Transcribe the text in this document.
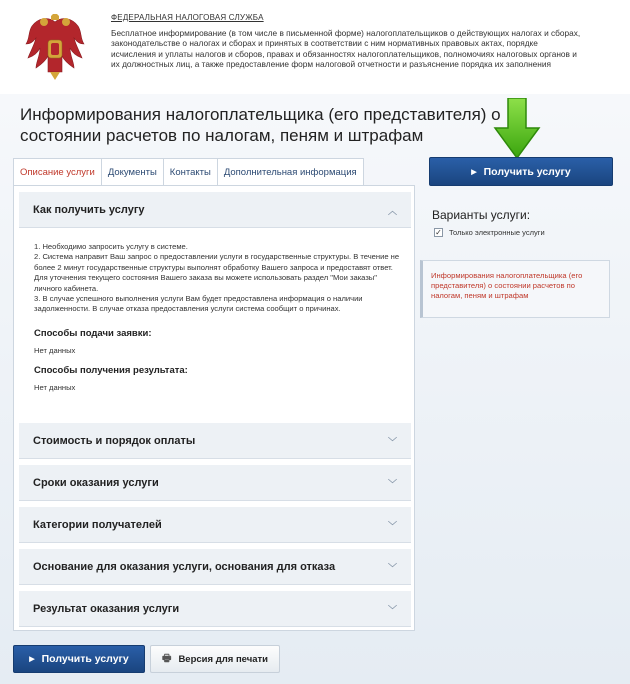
ФЕДЕРАЛЬНАЯ НАЛОГОВАЯ СЛУЖБА
Бесплатное информирование (в том числе в письменной форме) налогоплательщиков о действующих налогах и сборах, законодательстве о налогах и сборах и принятых в соответствии с ним нормативных правовых актах, порядке исчисления и уплаты налогов и сборов, правах и обязанностях налогоплательщиков, полномочиях налоговых органов и их должностных лиц, а также предоставление форм налоговой отчетности и разъяснение порядка их заполнения
Информирования налогоплательщика (его представителя) о состоянии расчетов по налогам, пеням и штрафам
▶ Получить услугу
Описание услуги	Документы	Контакты	Дополнительная информация
Как получить услугу	︿

1. Необходимо запросить услугу в системе.

2. Система направит Ваш запрос о предоставлении услуги в государственные структуры. В течение не более 2 минут государственные структуры выполнят обработку Вашего запроса и предоставят ответ. Для уточнения текущего состояния Вашего заказа вы можете использовать раздел "Мои заказы" личного кабинета.

3. В случае успешного выполнения услуги Вам будет предоставлена информация о наличии задолженности. В случае отказа предоставления услуги система сообщит о причинах.

Способы подачи заявки:
Нет данных
Способы получения результата:
Нет данных
Стоимость и порядок оплаты	﹀
Сроки оказания услуги	﹀
Категории получателей	﹀
Основание для оказания услуги, основания для отказа	﹀
Результат оказания услуги	﹀
▶ Получить услугу	🖶 Версия для печати
Варианты услуги:
✓ Только электронные услуги
Информирования налогоплательщика (его представителя) о состоянии расчетов по налогам, пеням и штрафам
